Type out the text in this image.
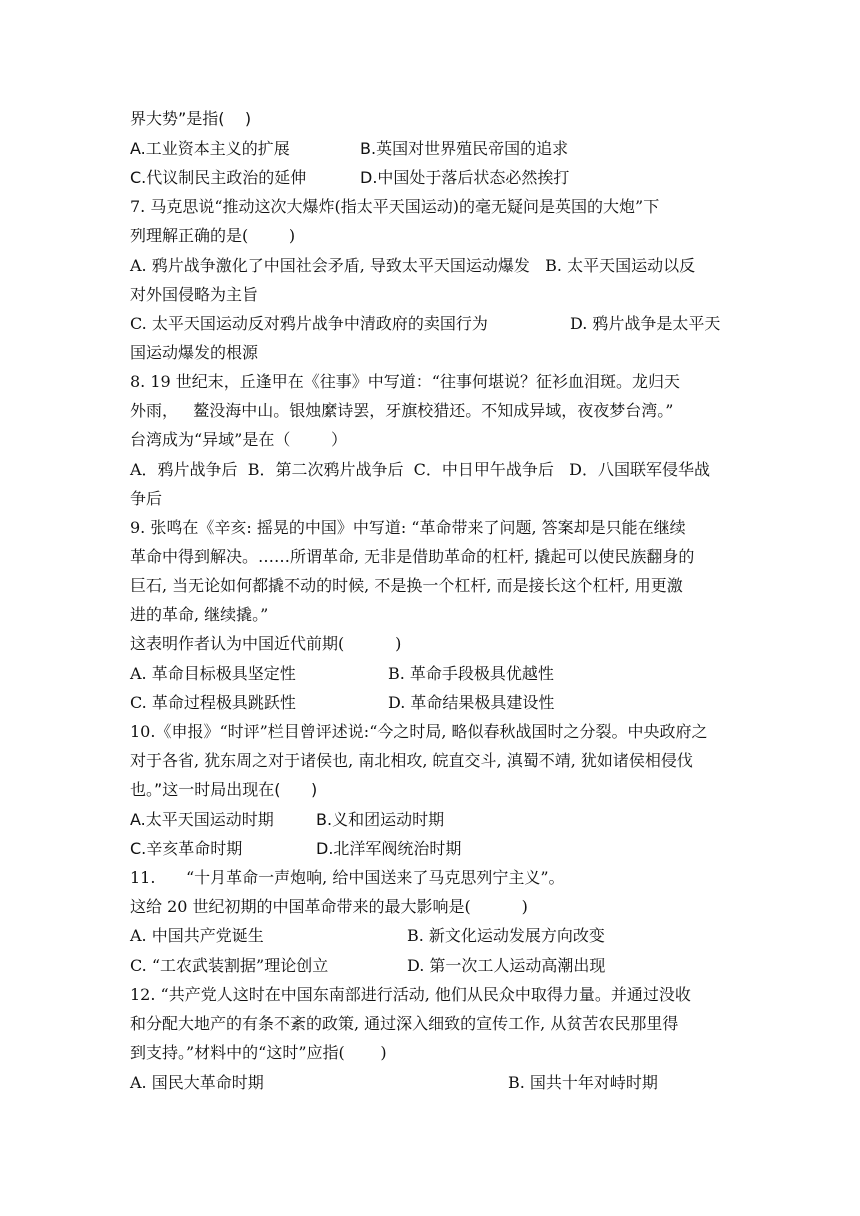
界大势”是指(    )
A.工业资本主义的扩展	B.英国对世界殖民帝国的追求
C.代议制民主政治的延伸	D.中国处于落后状态必然挨打
7. 马克思说“推动这次大爆炸(指太平天国运动)的毫无疑问是英国的大炮”下
列理解正确的是(        )
A. 鸦片战争激化了中国社会矛盾, 导致太平天国运动爆发   B. 太平天国运动以反
对外国侵略为主旨
C. 太平天国运动反对鸦片战争中清政府的卖国行为	D. 鸦片战争是太平天
国运动爆发的根源
8. 19 世纪末，丘逢甲在《往事》中写道：“往事何堪说？征衫血泪斑。龙归天
外雨，   鳌没海中山。银烛縻诗罢，牙旗校猎还。不知成异域，夜夜梦台湾。”
台湾成为“异域”是在（        ）
A．鸦片战争后  B．第二次鸦片战争后  C．中日甲午战争后   D．八国联军侵华战
争后
9. 张鸣在《辛亥: 摇晃的中国》中写道: “革命带来了问题, 答案却是只能在继续
革命中得到解决。……所谓革命, 无非是借助革命的杠杆, 撬起可以使民族翻身的
巨石, 当无论如何都撬不动的时候, 不是换一个杠杆, 而是接长这个杠杆, 用更激
进的革命, 继续撬。”
这表明作者认为中国近代前期(          )
A. 革命目标极具坚定性	B. 革命手段极具优越性
C. 革命过程极具跳跃性	D. 革命结果极具建设性
10.《申报》“时评”栏目曾评述说:“今之时局, 略似春秋战国时之分裂。中央政府之
对于各省, 犹东周之对于诸侯也, 南北相攻, 皖直交斗, 滇蜀不靖, 犹如诸侯相侵伐
也。”这一时局出现在(      )
A.太平天国运动时期	B.义和团运动时期
C.辛亥革命时期	D.北洋军阀统治时期
11.      “十月革命一声炮响, 给中国送来了马克思列宁主义”。
这给 20 世纪初期的中国革命带来的最大影响是(          )
A. 中国共产党诞生	B. 新文化运动发展方向改变
C. “工农武装割据”理论创立	D. 第一次工人运动高潮出现
12. “共产党人这时在中国东南部进行活动, 他们从民众中取得力量。并通过没收
和分配大地产的有条不紊的政策, 通过深入细致的宣传工作, 从贫苦农民那里得
到支持。”材料中的“这时”应指(       )
A. 国民大革命时期	B. 国共十年对峙时期
